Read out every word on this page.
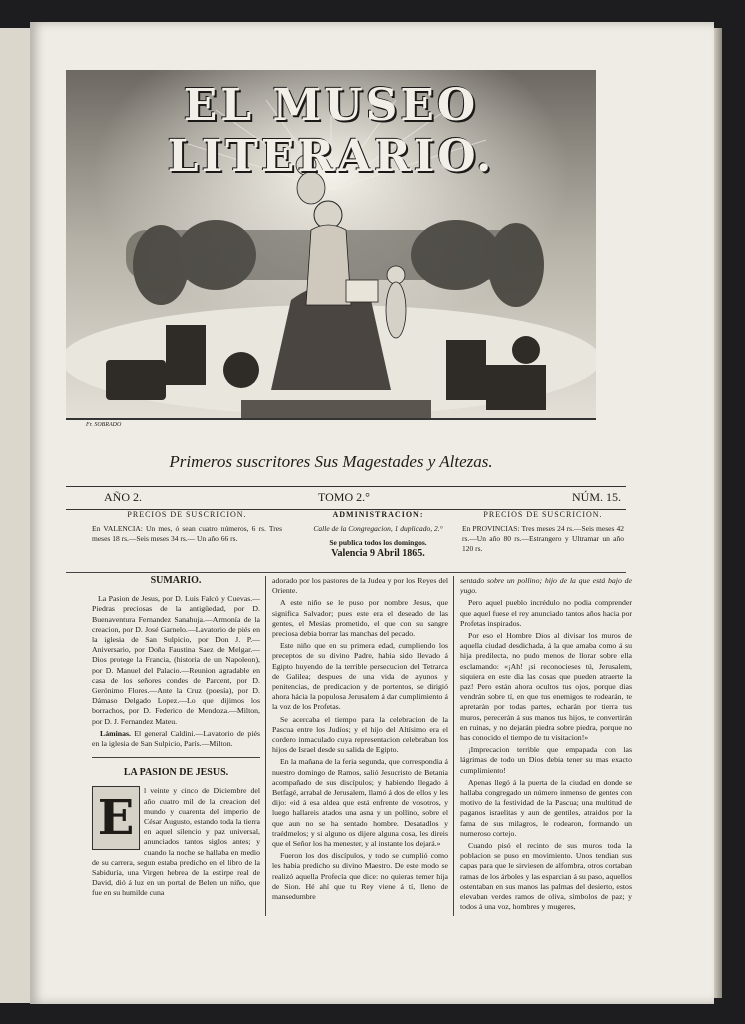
EL MUSEO LITERARIO.
Fr. SOBRADO
Primeros suscritores Sus Magestades y Altezas.
AÑO 2.	TOMO 2.°	NÚM. 15.
PRECIOS DE SUSCRICION.
En VALENCIA: Un mes, ó sean cuatro números, 6 rs. Tres meses 18 rs.—Seis meses 34 rs.— Un año 66 rs.
ADMINISTRACION:
Calle de la Congregacion, 1 duplicado, 2.°
Se publica todos los domingos.
Valencia 9 Abril 1865.
PRECIOS DE SUSCRICION.
En PROVINCIAS: Tres meses 24 rs.—Seis meses 42 rs.—Un año 80 rs.—Estrangero y Ultramar un año 120 rs.
SUMARIO.

La Pasion de Jesus, por D. Luis Falcó y Cuevas.—Piedras preciosas de la antigüedad, por D. Buenaventura Fernandez Sanahuja.—Armonía de la creacion, por D. José Garnelo.—Lavatorio de piés en la iglesia de San Sulpicio, por Don J. P.—Aniversario, por Doña Faustina Saez de Melgar.—Dios protege la Francia, (historia de un Napoleon), por D. Manuel del Palacio.—Reunion agradable en casa de los señores condes de Parcent, por D. Gerónimo Flores.—Ante la Cruz (poesía), por D. Dámaso Delgado Lopez.—Lo que dijimos los borrachos, por D. Federico de Mendoza.—Milton, por D. J. Fernandez Mateu.

Láminas. El general Caldini.—Lavatorio de piés en la iglesia de San Sulpicio, París.—Milton.

LA PASION DE JESUS.
E	l veinte y cinco de Diciembre del año cuatro mil de la creacion del mundo y cuarenta del imperio de César Augusto, estando toda la tierra en aquel silencio y paz universal, anunciados tantos siglos antes; y cuando la noche se hallaba en medio de su carrera, segun estaba predicho en el libro de la Sabiduría, una Virgen hebrea de la estirpe real de David, dió á luz en un portal de Belen un niño, que fue en su humilde cuna

adorado por los pastores de la Judea y por los Reyes del Oriente.

A este niño se le puso por nombre Jesus, que significa Salvador; pues este era el deseado de las gentes, el Mesías prometido, el que con su sangre preciosa debia borrar las manchas del pecado.

Este niño que en su primera edad, cumpliendo los preceptos de su divino Padre, habia sido llevado á Egipto huyendo de la terrible persecucion del Tetrarca de Galilea; despues de una vida de ayunos y penitencias, de predicacion y de portentos, se dirigió ahora hácia la populosa Jerusalem á dar cumplimiento á la voz de los Profetas.

Se acercaba el tiempo para la celebracion de la Pascua entre los Judíos; y el hijo del Altísimo era el cordero inmaculado cuya representacion celebraban los hijos de Israel desde su salida de Egipto.

En la mañana de la feria segunda, que correspondia á nuestro domingo de Ramos, salió Jesucristo de Betania acompañado de sus discípulos; y habiendo llegado á Betfagé, arrabal de Jerusalem, llamó á dos de ellos y les dijo: «id á esa aldea que está enfrente de vosotros, y luego hallareis atados una asna y un pollino, sobre el que aun no se ha sentado hombre. Desatadlos y traédmelos; y si alguno os dijere alguna cosa, les direis que el Señor los ha menester, y al instante los dejará.»

Fueron los dos discípulos, y todo se cumplió como les habia predicho su divino Maestro. De este modo se realizó aquella Profecía que dice: no quieras temer hija de Sion. Hé ahí que tu Rey viene á tí, lleno de mansedumbre

sentado sobre un pollino; hijo de la que está bajo de yugo.

Pero aquel pueblo incrédulo no podia comprender que aquel fuese el rey anunciado tantos años hacia por Profetas inspirados.

Por eso el Hombre Dios al divisar los muros de aquella ciudad desdichada, á la que amaba como á su hija predilecta, no pudo menos de llorar sobre ella esclamando: «¡Ah! ¡si reconocieses tú, Jerusalem, siquiera en este dia las cosas que pueden atraerte la paz! Pero están ahora ocultos tus ojos, porque dias vendrán sobre tí, en que tus enemigos te rodearán, te apretarán por todas partes, echarán por tierra tus muros, perecerán á sus manos tus hijos, te convertirán en ruinas, y no dejarán piedra sobre piedra, porque no has conocido el tiempo de tu visitacion!»

¡Imprecacion terrible que empapada con las lágrimas de todo un Dios debia tener su mas exacto cumplimiento!

Apenas llegó á la puerta de la ciudad en donde se hallaba congregado un número inmenso de gentes con motivo de la festividad de la Pascua; una multitud de paganos israelitas y aun de gentiles, atraidos por la fama de sus milagros, le rodearon, formando un numeroso cortejo.

Cuando pisó el recinto de sus muros toda la poblacion se puso en movimiento. Unos tendian sus capas para que le sirviesen de alfombra, otros cortaban ramas de los árboles y las esparcian á su paso, aquellos ostentaban en sus manos las palmas del desierto, estos elevaban verdes ramos de oliva, símbolos de paz; y todos á una voz, hombres y mugeres,
